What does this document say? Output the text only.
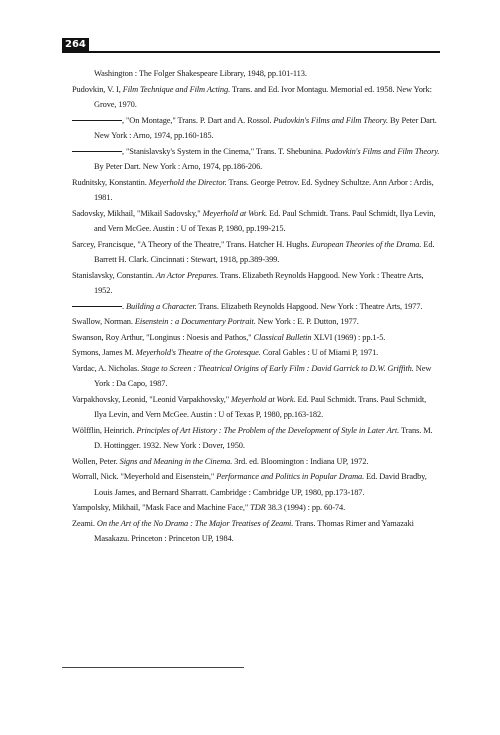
264
Washington : The Folger Shakespeare Library, 1948, pp.101-113.
Pudovkin, V. I, Film Technique and Film Acting. Trans. and Ed. Ivor Montagu. Memorial ed. 1958. New York: Grove, 1970.
, "On Montage," Trans. P. Dart and A. Rossol. Pudovkin's Films and Film Theory. By Peter Dart. New York : Arno, 1974, pp.160-185.
, "Stanislavsky's System in the Cinema," Trans. T. Shebunina. Pudovkin's Films and Film Theory. By Peter Dart. New York : Arno, 1974, pp.186-206.
Rudnitsky, Konstantin. Meyerhold the Director. Trans. George Petrov. Ed. Sydney Schultze. Ann Arbor : Ardis, 1981.
Sadovsky, Mikhail, "Mikail Sadovsky," Meyerhold at Work. Ed. Paul Schmidt. Trans. Paul Schmidt, Ilya Levin, and Vern McGee. Austin : U of Texas P, 1980, pp.199-215.
Sarcey, Francisque, "A Theory of the Theatre," Trans. Hatcher H. Hughs. European Theories of the Drama. Ed. Barrett H. Clark. Cincinnati : Stewart, 1918, pp.389-399.
Stanislavsky, Constantin. An Actor Prepares. Trans. Elizabeth Reynolds Hapgood. New York : Theatre Arts, 1952.
. Building a Character. Trans. Elizabeth Reynolds Hapgood. New York : Theatre Arts, 1977.
Swallow, Norman. Eisenstein : a Documentary Portrait. New York : E. P. Dutton, 1977.
Swanson, Roy Arthur, "Longinus : Noesis and Pathos," Classical Bulletin XLVI (1969) : pp.1-5.
Symons, James M. Meyerhold's Theatre of the Grotesque. Coral Gables : U of Miami P, 1971.
Vardac, A. Nicholas. Stage to Screen : Theatrical Origins of Early Film : David Garrick to D.W. Griffith. New York : Da Capo, 1987.
Varpakhovsky, Leonid, "Leonid Varpakhovsky," Meyerhold at Work. Ed. Paul Schmidt. Trans. Paul Schmidt, Ilya Levin, and Vern McGee. Austin : U of Texas P, 1980, pp.163-182.
Wölfflin, Heinrich. Principles of Art History : The Problem of the Development of Style in Later Art. Trans. M. D. Hottingger. 1932. New York : Dover, 1950.
Wollen, Peter. Signs and Meaning in the Cinema. 3rd. ed. Bloomington : Indiana UP, 1972.
Worrall, Nick. "Meyerhold and Eisenstein," Performance and Politics in Popular Drama. Ed. David Bradby, Louis James, and Bernard Sharratt. Cambridge : Cambridge UP, 1980, pp.173-187.
Yampolsky, Mikhail, "Mask Face and Machine Face," TDR 38.3 (1994) : pp. 60-74.
Zeami. On the Art of the No Drama : The Major Treatises of Zeami. Trans. Thomas Rimer and Yamazaki Masakazu. Princeton : Princeton UP, 1984.
